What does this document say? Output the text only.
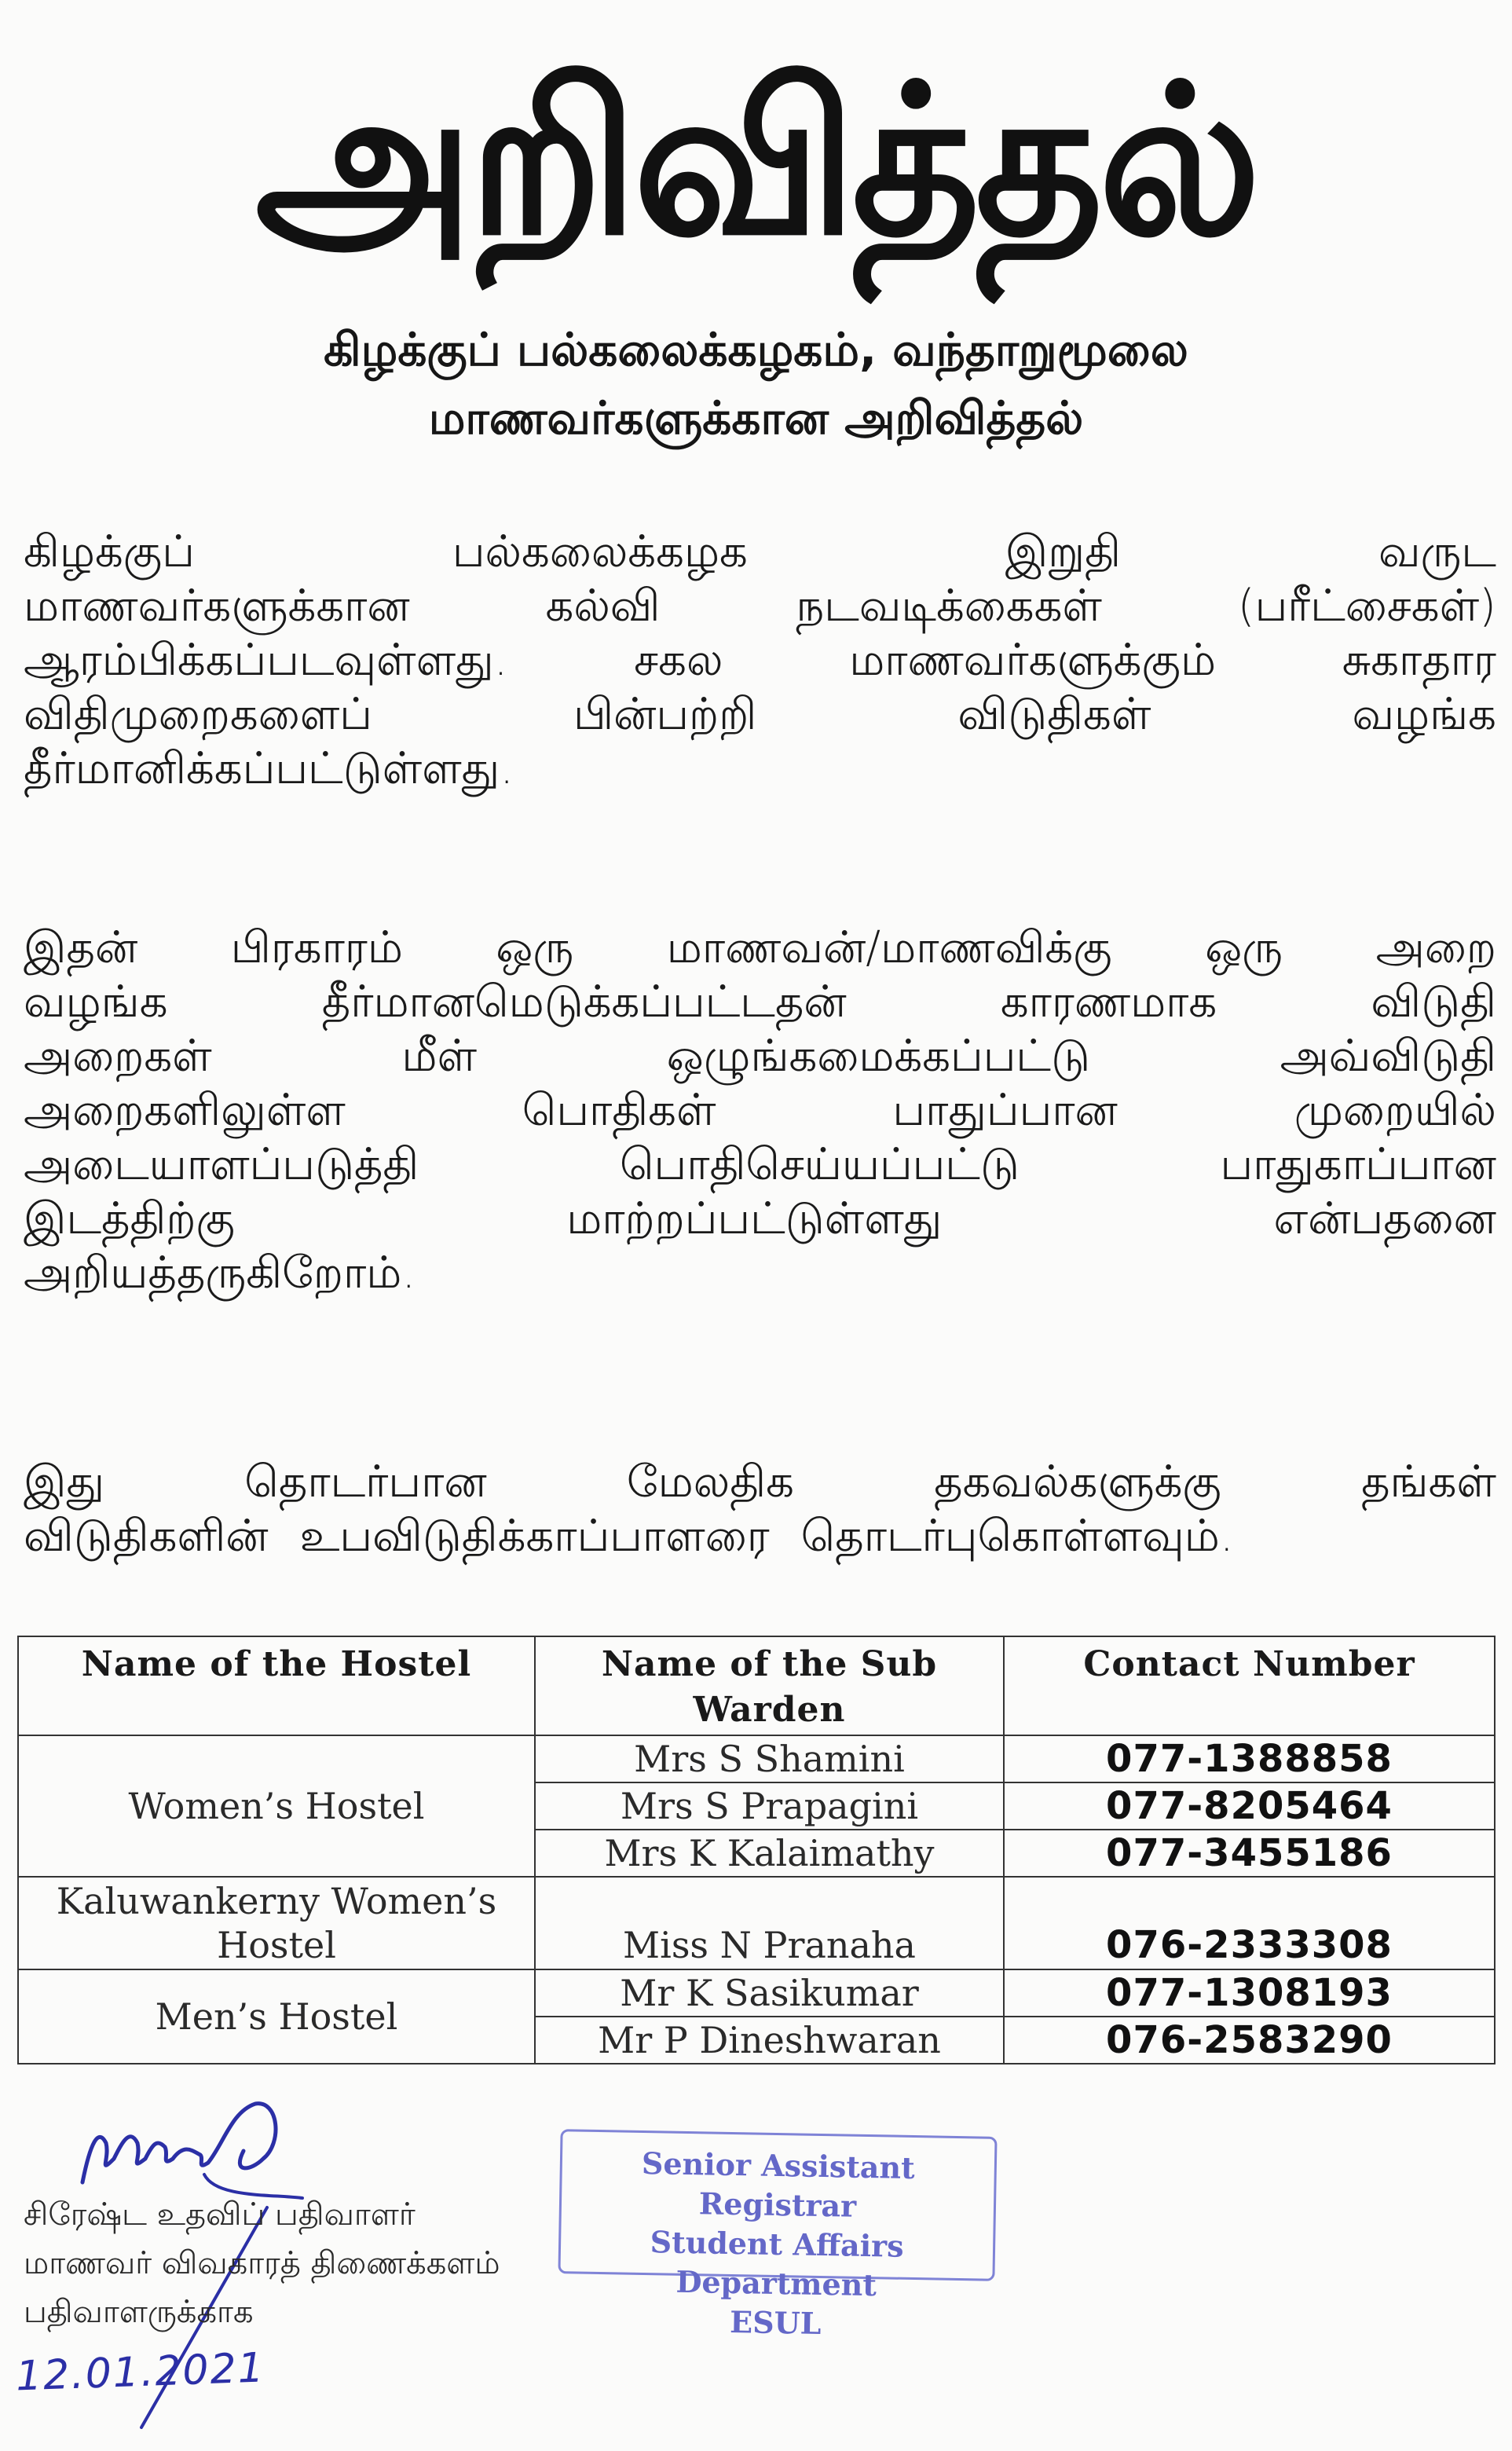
அறிவித்தல்
கிழக்குப் பல்கலைக்கழகம், வந்தாறுமூலை
மாணவர்களுக்கான அறிவித்தல்
கிழக்குப்	பல்கலைக்கழக	இறுதி	வருட
மாணவர்களுக்கான	கல்வி	நடவடிக்கைகள்	(பரீட்சைகள்)
ஆரம்பிக்கப்படவுள்ளது.	சகல	மாணவர்களுக்கும்	சுகாதார
விதிமுறைகளைப்	பின்பற்றி	விடுதிகள்	வழங்க
தீர்மானிக்கப்பட்டுள்ளது.
இதன் பிரகாரம் ஒரு மாணவன்/மாணவிக்கு ஒரு அறை
வழங்க	தீர்மானமெடுக்கப்பட்டதன்	காரணமாக	விடுதி
அறைகள்	மீள்	ஒழுங்கமைக்கப்பட்டு	அவ்விடுதி
அறைகளிலுள்ள	பொதிகள்	பாதுப்பான	முறையில்
அடையாளப்படுத்தி	பொதிசெய்யப்பட்டு	பாதுகாப்பான
இடத்திற்கு	மாற்றப்பட்டுள்ளது	என்பதனை
அறியத்தருகிறோம்.
இது	தொடர்பான	மேலதிக	தகவல்களுக்கு	தங்கள்
விடுதிகளின் உபவிடுதிக்காப்பாளரை தொடர்புகொள்ளவும்.
Name of the Hostel	Name of the Sub Warden	Contact Number
Women’s Hostel	Mrs S Shamini	077-1388858
	Mrs S Prapagini	077-8205464
	Mrs K Kalaimathy	077-3455186
Kaluwankerny Women’s Hostel	Miss N Pranaha	076-2333308
Men’s Hostel	Mr K Sasikumar	077-1308193
	Mr P Dineshwaran	076-2583290
சிரேஷ்ட உதவிப் பதிவாளர்
மாணவர் விவகாரத் திணைக்களம்
பதிவாளருக்காக
12.01.2021
Senior Assistant Registrar
Student Affairs Department
ESUL
